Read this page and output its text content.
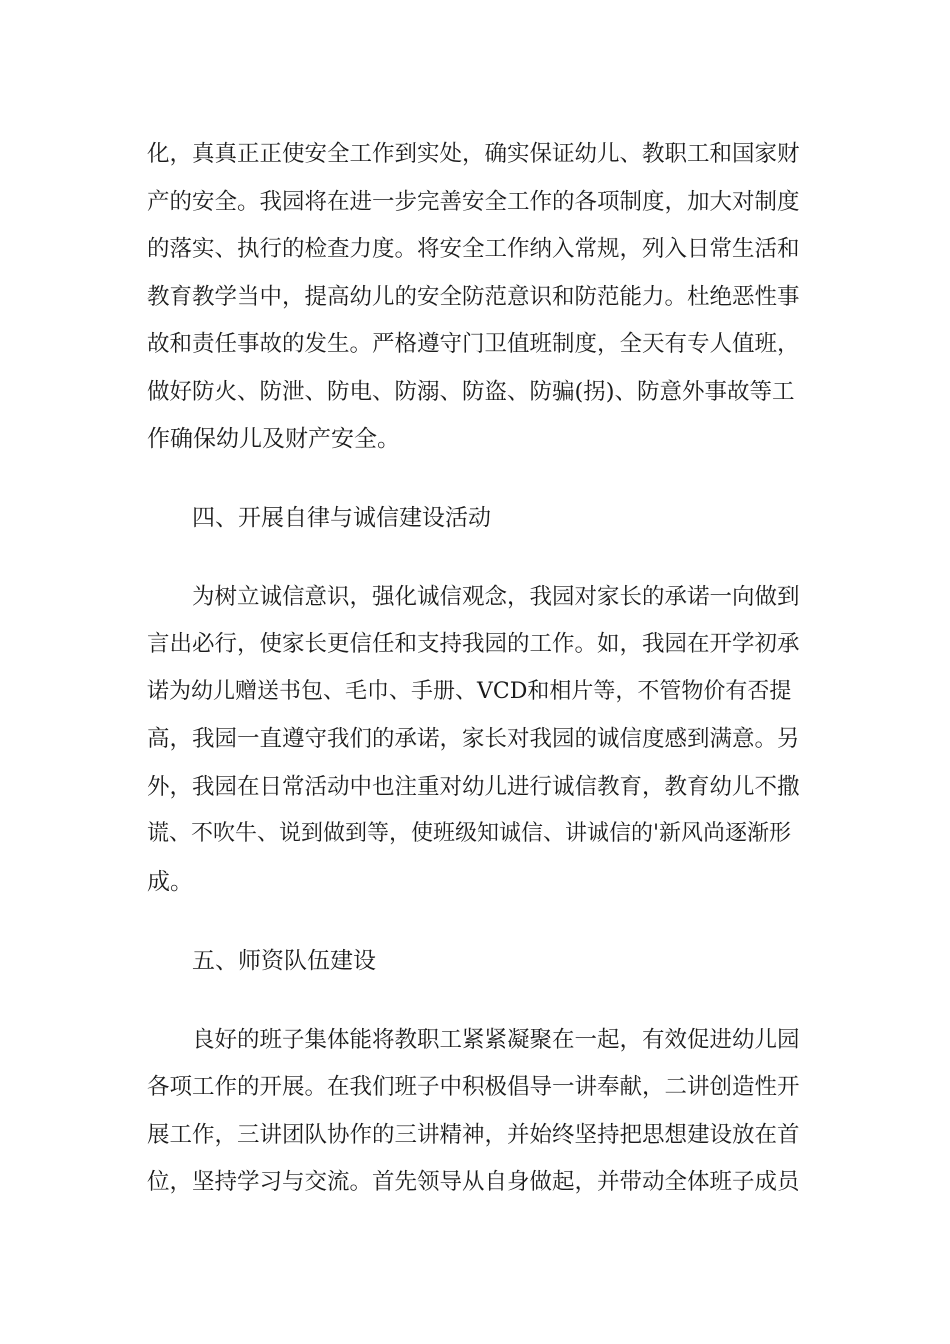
化，真真正正使安全工作到实处，确实保证幼儿、教职工和国家财
产的安全。我园将在进一步完善安全工作的各项制度，加大对制度
的落实、执行的检查力度。将安全工作纳入常规，列入日常生活和
教育教学当中，提高幼儿的安全防范意识和防范能力。杜绝恶性事
故和责任事故的发生。严格遵守门卫值班制度，全天有专人值班，
做好防火、防泄、防电、防溺、防盗、防骗(拐)、防意外事故等工
作确保幼儿及财产安全。
四、开展自律与诚信建设活动
为树立诚信意识，强化诚信观念，我园对家长的承诺一向做到
言出必行，使家长更信任和支持我园的工作。如，我园在开学初承
诺为幼儿赠送书包、毛巾、手册、VCD和相片等，不管物价有否提
高，我园一直遵守我们的承诺，家长对我园的诚信度感到满意。另
外，我园在日常活动中也注重对幼儿进行诚信教育，教育幼儿不撒
谎、不吹牛、说到做到等，使班级知诚信、讲诚信的'新风尚逐渐形
成。
五、师资队伍建设
良好的班子集体能将教职工紧紧凝聚在一起，有效促进幼儿园
各项工作的开展。在我们班子中积极倡导一讲奉献，二讲创造性开
展工作，三讲团队协作的三讲精神，并始终坚持把思想建设放在首
位，坚持学习与交流。首先领导从自身做起，并带动全体班子成员
